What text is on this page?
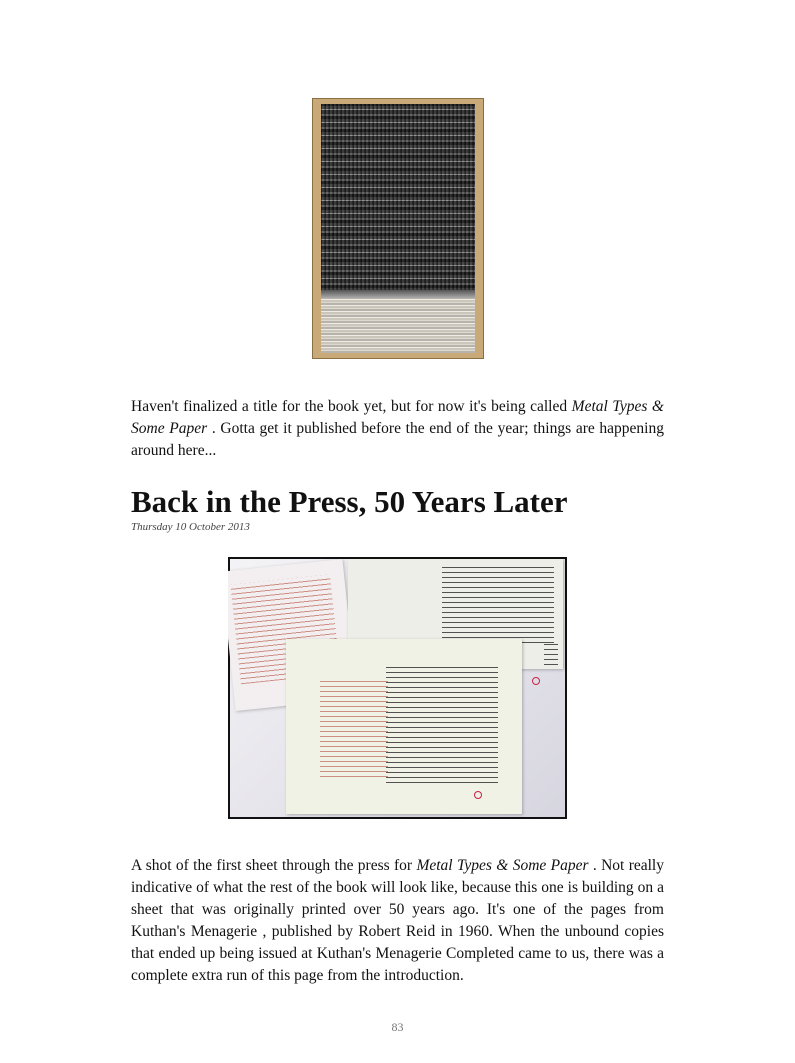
Haven't finalized a title for the book yet, but for now it's being called Metal Types & Some Paper . Gotta get it published before the end of the year; things are happening around here...

Back in the Press, 50 Years Later
Thursday 10 October 2013

A shot of the first sheet through the press for Metal Types & Some Paper . Not really indicative of what the rest of the book will look like, because this one is building on a sheet that was originally printed over 50 years ago. It's one of the pages from Kuthan's Menagerie , published by Robert Reid in 1960. When the unbound copies that ended up being issued at Kuthan's Menagerie Completed came to us, there was a complete extra run of this page from the introduction.

83
